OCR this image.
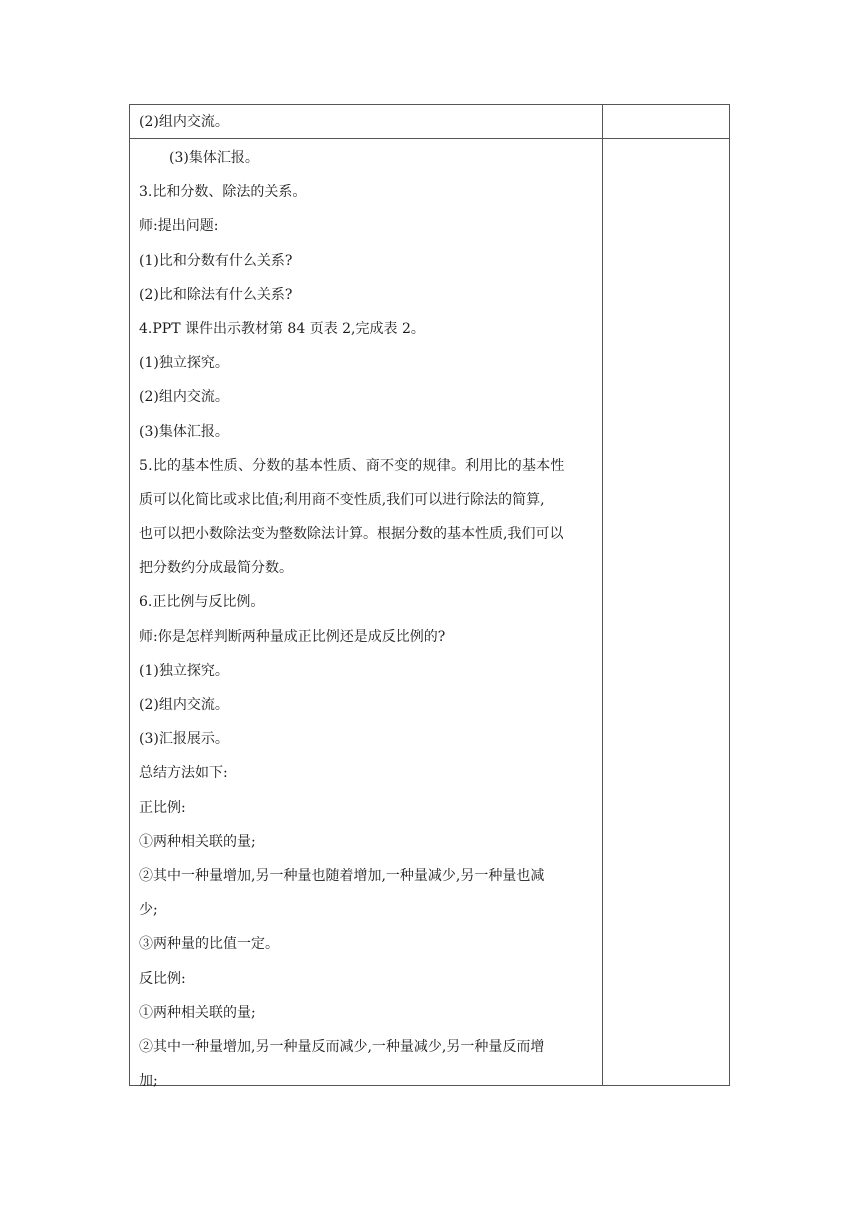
(2)组内交流。
(3)集体汇报。
3.比和分数、除法的关系。
师:提出问题:
(1)比和分数有什么关系?
(2)比和除法有什么关系?
4.PPT 课件出示教材第 84 页表 2,完成表 2。
(1)独立探究。
(2)组内交流。
(3)集体汇报。
5.比的基本性质、分数的基本性质、商不变的规律。利用比的基本性
质可以化简比或求比值;利用商不变性质,我们可以进行除法的简算,
也可以把小数除法变为整数除法计算。根据分数的基本性质,我们可以
把分数约分成最简分数。
6.正比例与反比例。
师:你是怎样判断两种量成正比例还是成反比例的?
(1)独立探究。
(2)组内交流。
(3)汇报展示。
总结方法如下:
正比例:
①两种相关联的量;
②其中一种量增加,另一种量也随着增加,一种量减少,另一种量也减
少;
③两种量的比值一定。
反比例:
①两种相关联的量;
②其中一种量增加,另一种量反而减少,一种量减少,另一种量反而增
加;
